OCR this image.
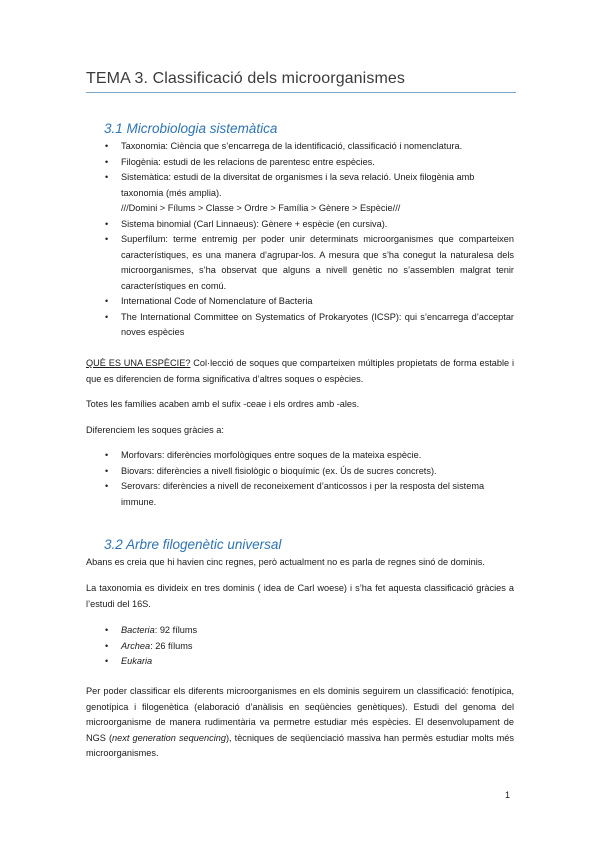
TEMA 3. Classificació dels microorganismes
3.1 Microbiologia sistemàtica
• Taxonomia: Ciència que s’encarrega de la identificació, classificació i nomenclatura.
• Filogènia: estudi de les relacions de parentesc entre espècies.
• Sistemàtica: estudi de la diversitat de organismes i la seva relació. Uneix filogènia amb taxonomia (més amplia).
///Domini > Fílums > Classe > Ordre > Família > Gènere > Espècie///
• Sistema binomial (Carl Linnaeus): Gènere + espècie (en cursiva).
• Superfílum: terme entremig per poder unir determinats microorganismes que comparteixen característiques, es una manera d’agrupar-los. A mesura que s’ha conegut la naturalesa dels microorganismes, s’ha observat que alguns a nivell genètic no s’assemblen malgrat tenir característiques en comú.
• International Code of Nomenclature of Bacteria
• The International Committee on Systematics of Prokaryotes (ICSP): qui s’encarrega d’acceptar noves espècies

QUÈ ES UNA ESPÈCIE? Col·lecció de soques que comparteixen múltiples propietats de forma estable i que es diferencien de forma significativa d’altres soques o espècies.

Totes les famílies acaben amb el sufix -ceae i els ordres amb -ales.

Diferenciem les soques gràcies a:

• Morfovars: diferències morfològiques entre soques de la mateixa espècie.
• Biovars: diferències a nivell fisiològic o bioquímic (ex. Ús de sucres concrets).
• Serovars: diferències a nivell de reconeixement d’anticossos i per la resposta del sistema immune.
3.2 Arbre filogenètic universal

Abans es creia que hi havien cinc regnes, però actualment no es parla de regnes sinó de dominis.

La taxonomia es divideix en tres dominis ( idea de Carl woese) i s’ha fet aquesta classificació gràcies a l’estudi del 16S.

• Bacteria: 92 fílums
• Archea: 26 fílums
• Eukaria

Per poder classificar els diferents microorganismes en els dominis seguirem un classificació: fenotípica, genotípica i filogenètica (elaboració d’anàlisis en seqüències genètiques). Estudi del genoma del microorganisme de manera rudimentària va permetre estudiar més espècies. El desenvolupament de NGS (next generation sequencing), tècniques de seqüenciació massiva han permès estudiar molts més microorganismes.

1
